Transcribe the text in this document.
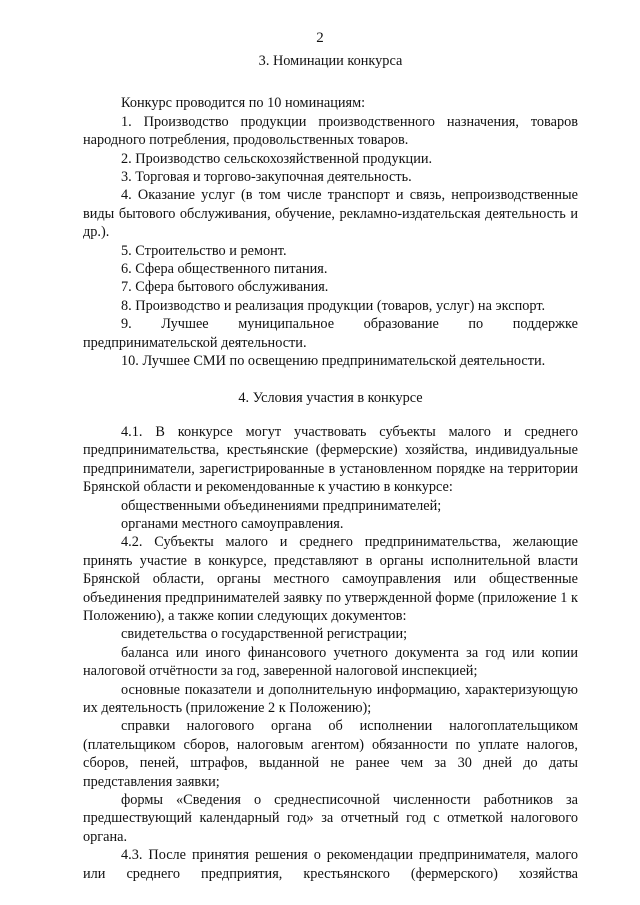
2
3. Номинации конкурса

Конкурс проводится по 10 номинациям:

1. Производство продукции производственного назначения, товаров народного потребления, продовольственных товаров.

2. Производство сельскохозяйственной продукции.

3. Торговая и торгово-закупочная деятельность.

4. Оказание услуг (в том числе транспорт и связь, непроизводственные виды бытового обслуживания, обучение, рекламно-издательская деятельность и др.).

5. Строительство и ремонт.

6. Сфера общественного питания.

7. Сфера бытового обслуживания.

8. Производство и реализация продукции (товаров, услуг) на экспорт.

9. Лучшее муниципальное образование по поддержке предпринимательской деятельности.

10. Лучшее СМИ по освещению предпринимательской деятельности.

4. Условия участия в конкурсе

4.1. В конкурсе могут участвовать субъекты малого и среднего предпринимательства, крестьянские (фермерские) хозяйства, индивидуальные предприниматели, зарегистрированные в установленном порядке на территории Брянской области и рекомендованные к участию в конкурсе:

общественными объединениями предпринимателей;

органами местного самоуправления.

4.2. Субъекты малого и среднего предпринимательства, желающие принять участие в конкурсе, представляют в органы исполнительной власти Брянской области, органы местного самоуправления или общественные объединения предпринимателей заявку по утвержденной форме (приложение 1 к Положению), а также копии следующих документов:

свидетельства о государственной регистрации;

баланса или иного финансового учетного документа за год или копии налоговой отчётности за год, заверенной налоговой инспекцией;

основные показатели и дополнительную информацию, характеризующую их деятельность (приложение 2 к Положению);

справки налогового органа об исполнении налогоплательщиком (плательщиком сборов, налоговым агентом) обязанности по уплате налогов, сборов, пеней, штрафов, выданной не ранее чем за 30 дней до даты представления заявки;

формы «Сведения о среднесписочной численности работников за предшествующий календарный год» за отчетный год с отметкой налогового органа.

4.3. После принятия решения о рекомендации предпринимателя, малого или среднего предприятия, крестьянского (фермерского) хозяйства
